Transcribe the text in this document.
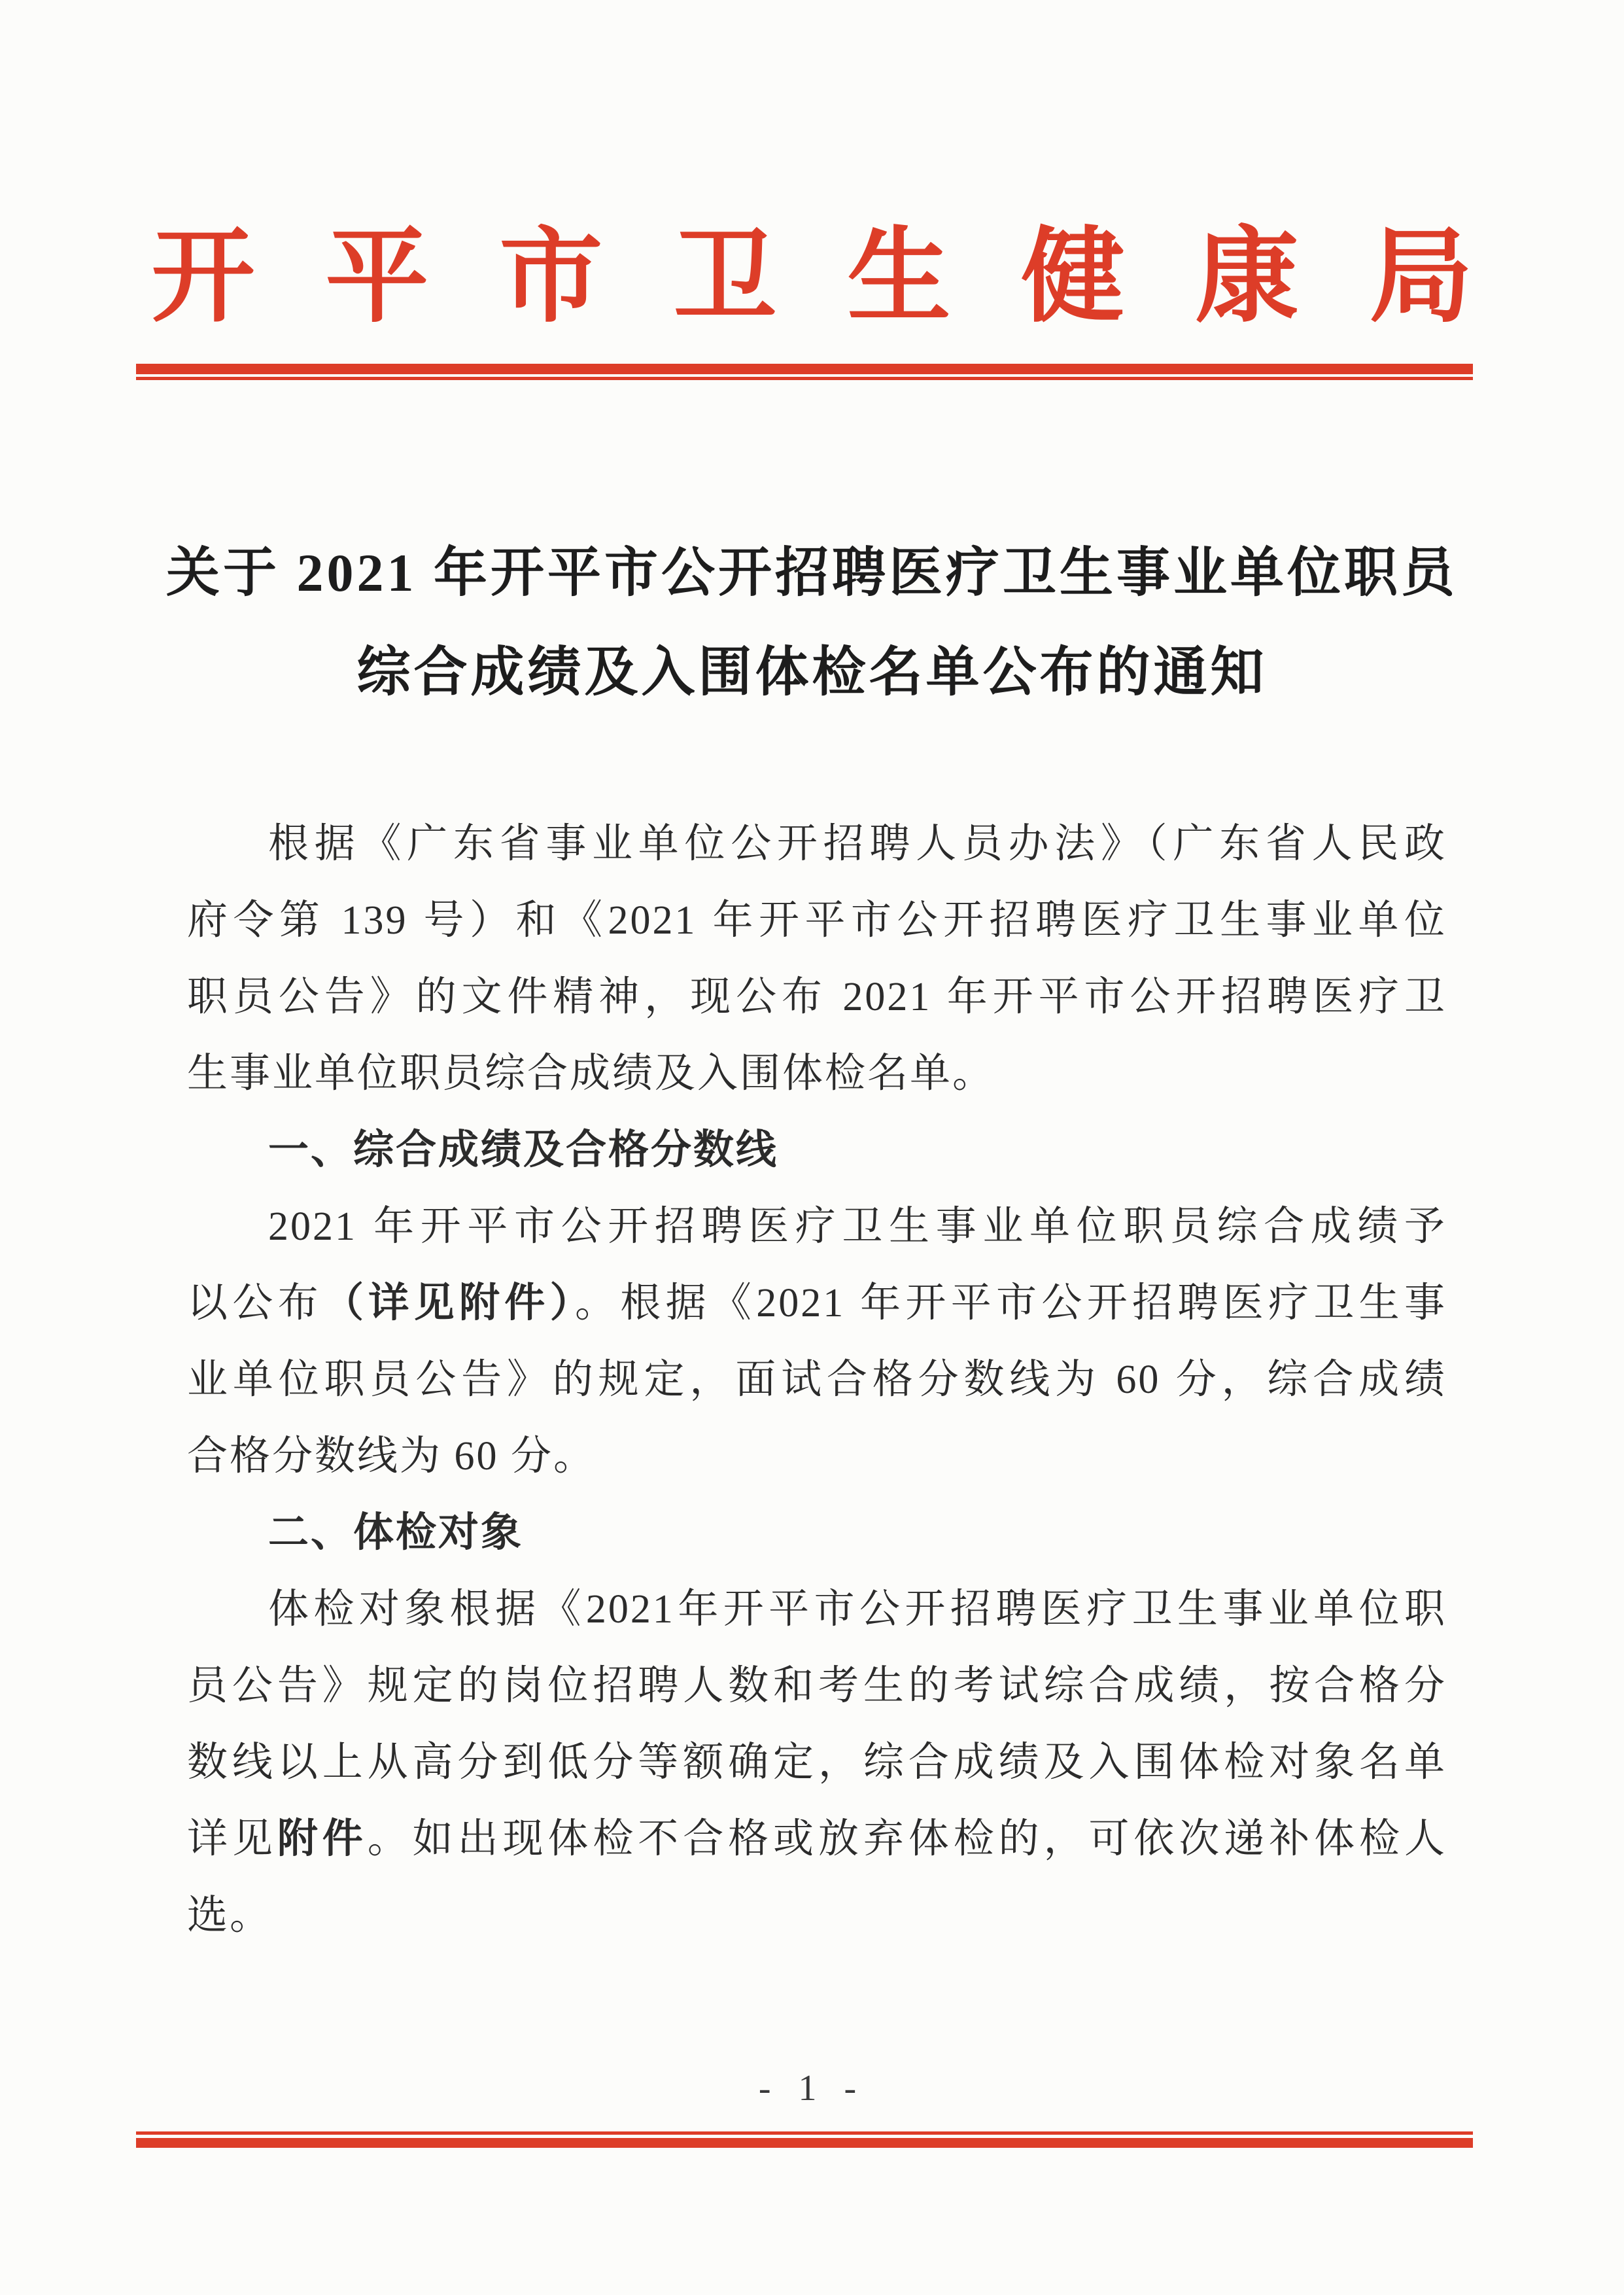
开平市卫生健康局
关于 2021 年开平市公开招聘医疗卫生事业单位职员
综合成绩及入围体检名单公布的通知
根据《广东省事业单位公开招聘人员办法》（广东省人民政
府令第 139 号）和《2021 年开平市公开招聘医疗卫生事业单位
职员公告》的文件精神，现公布 2021 年开平市公开招聘医疗卫
生事业单位职员综合成绩及入围体检名单。
一、综合成绩及合格分数线
2021 年开平市公开招聘医疗卫生事业单位职员综合成绩予
以公布（详见附件）。根据《2021 年开平市公开招聘医疗卫生事
业单位职员公告》的规定，面试合格分数线为 60 分，综合成绩
合格分数线为 60 分。
二、体检对象
体检对象根据《2021年开平市公开招聘医疗卫生事业单位职
员公告》规定的岗位招聘人数和考生的考试综合成绩，按合格分
数线以上从高分到低分等额确定，综合成绩及入围体检对象名单
详见附件。如出现体检不合格或放弃体检的，可依次递补体检人
选。
- 1 -
